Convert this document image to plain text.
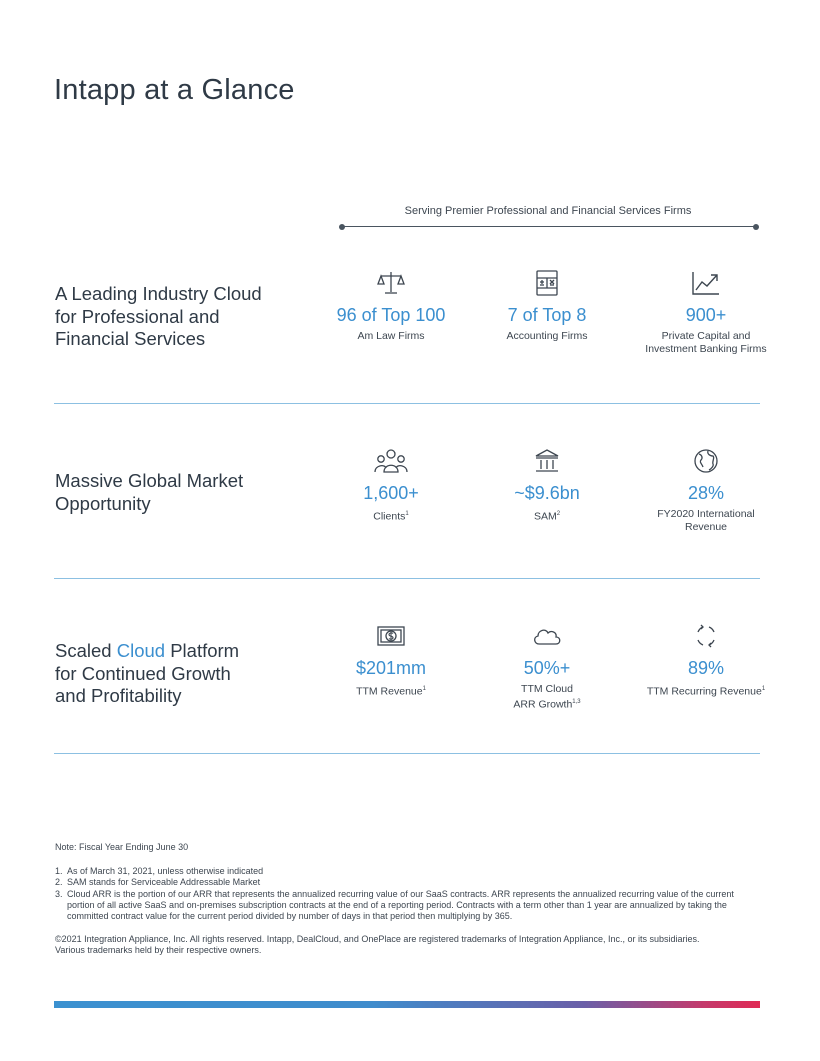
Intapp at a Glance
Serving Premier Professional and Financial Services Firms
A Leading Industry Cloud
for Professional and
Financial Services
96 of Top 100
Am Law Firms
7 of Top 8
Accounting Firms
900+
Private Capital and Investment Banking Firms
Massive Global Market
Opportunity	1,600+
Clients$^1$
~$9.6bn
SAM$^2$
28%
FY2020 International Revenue
Scaled Cloud Platform
for Continued Growth
and Profitability
$201mm
TTM Revenue$^1$
50%+
TTM Cloud
ARR Growth$^{1,3}$
89%
TTM Recurring Revenue$^1$
Note: Fiscal Year Ending June 30
1. As of March 31, 2021, unless otherwise indicated
2. SAM stands for Serviceable Addressable Market
3. Cloud ARR is the portion of our ARR that represents the annualized recurring value of our SaaS contracts. ARR represents the annualized recurring value of the current portion of all active SaaS and on-premises subscription contracts at the end of a reporting period. Contracts with a term other than 1 year are annualized by taking the committed contract value for the current period divided by number of days in that period then multiplying by 365.
©2021 Integration Appliance, Inc. All rights reserved. Intapp, DealCloud, and OnePlace are registered trademarks of Integration Appliance, Inc., or its subsidiaries.
Various trademarks held by their respective owners.
